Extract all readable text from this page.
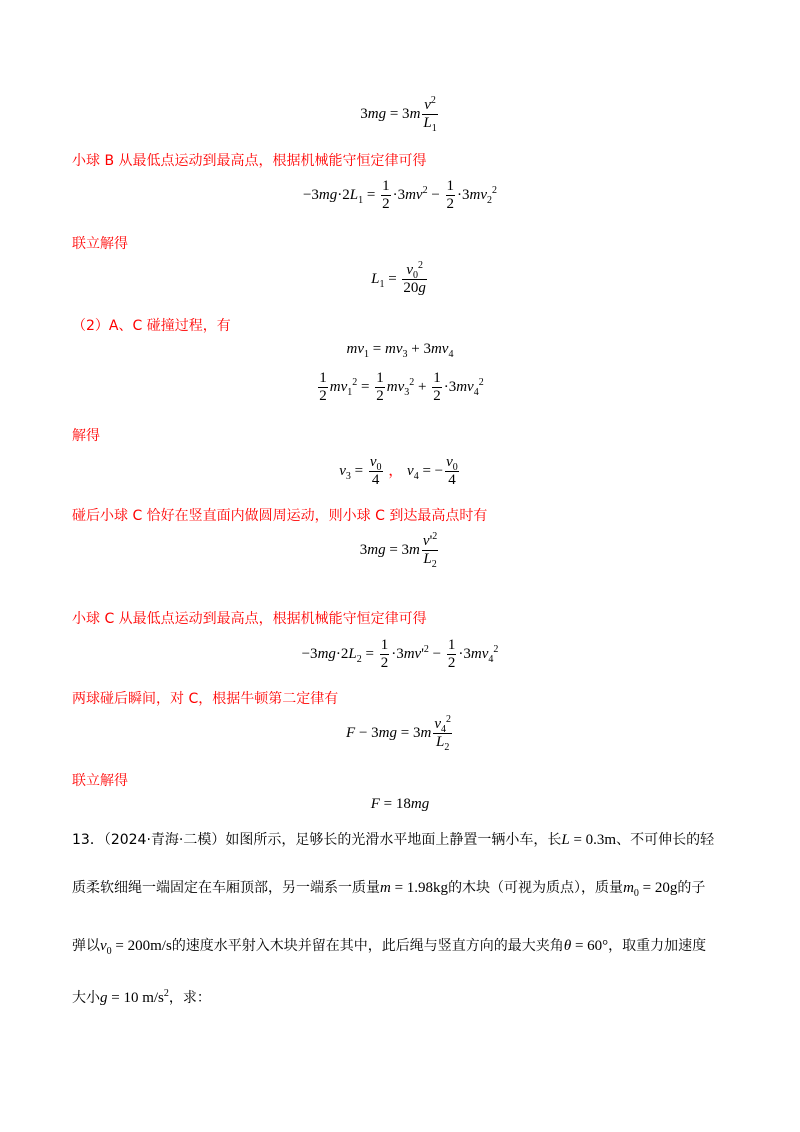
$3mg = 3m \frac{v^2}{L_1}$
小球 B 从最低点运动到最高点，根据机械能守恒定律可得
$-3mg\cdot 2L_1 = \frac{1}{2} \cdot 3mv^2 - \frac{1}{2} \cdot 3mv_2^2$
联立解得
$L_1 = \frac{v_0^2}{20g}$
（2）A、C 碰撞过程，有
$mv_1 = mv_3 + 3mv_4$
$\frac{1}{2} mv_1^2 = \frac{1}{2} mv_3^2 + \frac{1}{2} \cdot 3mv_4^2$
解得
$v_3 = \frac{v_0}{4}$ ， $v_4$ = − $\frac{v_0}{4}$
碰后小球 C 恰好在竖直面内做圆周运动，则小球 C 到达最高点时有
$3mg = 3m \frac{v'^2}{L_2}$
小球 C 从最低点运动到最高点，根据机械能守恒定律可得
$-3mg\cdot 2L_2 = \frac{1}{2} \cdot 3mv'^2 - \frac{1}{2} \cdot 3mv_4^2$
两球碰后瞬间，对 C，根据牛顿第二定律有
$F - 3mg = 3m \frac{v_4^2}{L_2}$
联立解得
F = 18mg
13．（2024·青海·二模）如图所示，足够长的光滑水平地面上静置一辆小车，长L = 0.3m、不可伸长的轻
质柔软细绳一端固定在车厢顶部，另一端系一质量m = 1.98kg的木块（可视为质点），质量$m_0 = 20g$的子
弹以$v_0 = 200m/s$的速度水平射入木块并留在其中，此后绳与竖直方向的最大夹角θ = 60°，取重力加速度
大小g = 10 $m/s^2$，求：
